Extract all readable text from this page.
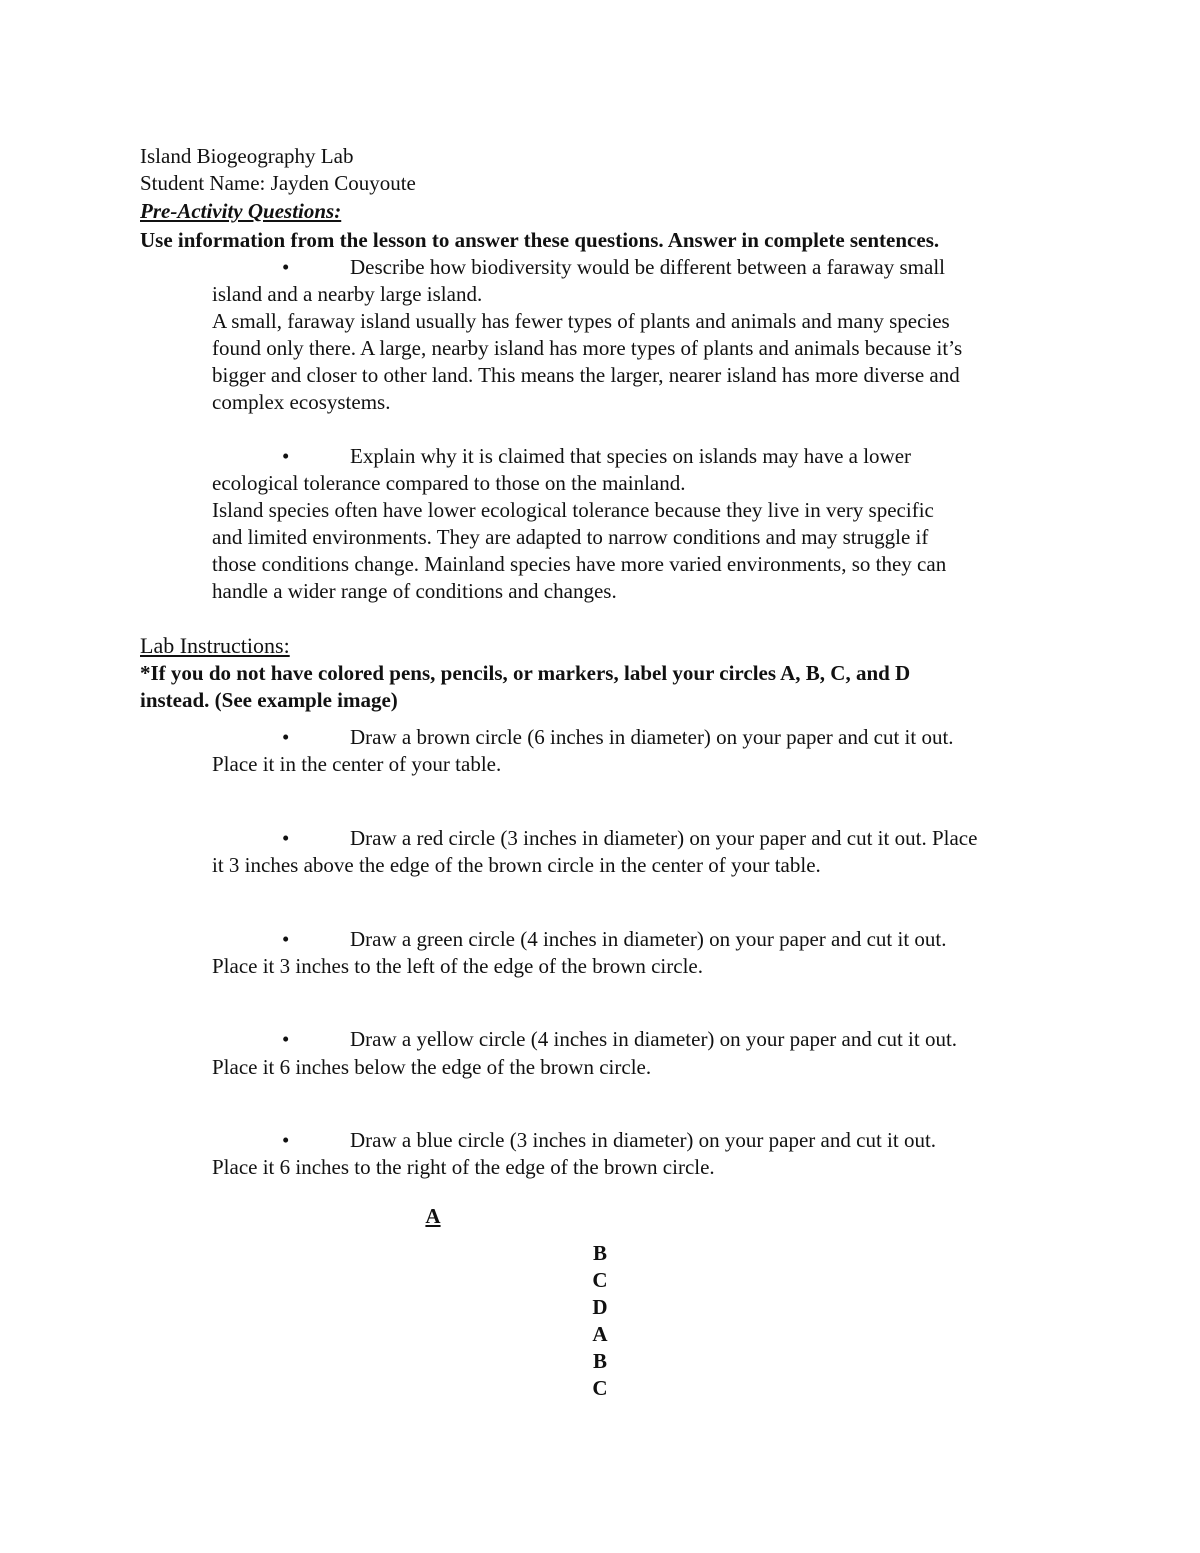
Island Biogeography Lab
Student Name: Jayden Couyoute
Pre-Activity Questions:
Use information from the lesson to answer these questions. Answer in complete sentences.
•	Describe how biodiversity would be different between a faraway small
island and a nearby large island.
A small, faraway island usually has fewer types of plants and animals and many species
found only there. A large, nearby island has more types of plants and animals because it’s
bigger and closer to other land. This means the larger, nearer island has more diverse and
complex ecosystems.
•	Explain why it is claimed that species on islands may have a lower
ecological tolerance compared to those on the mainland.
Island species often have lower ecological tolerance because they live in very specific
and limited environments. They are adapted to narrow conditions and may struggle if
those conditions change. Mainland species have more varied environments, so they can
handle a wider range of conditions and changes.
Lab Instructions:
*If you do not have colored pens, pencils, or markers, label your circles A, B, C, and D
instead. (See example image)
•	Draw a brown circle (6 inches in diameter) on your paper and cut it out.
Place it in the center of your table.
•	Draw a red circle (3 inches in diameter) on your paper and cut it out. Place
it 3 inches above the edge of the brown circle in the center of your table.
•	Draw a green circle (4 inches in diameter) on your paper and cut it out.
Place it 3 inches to the left of the edge of the brown circle.
•	Draw a yellow circle (4 inches in diameter) on your paper and cut it out.
Place it 6 inches below the edge of the brown circle.
•	Draw a blue circle (3 inches in diameter) on your paper and cut it out.
Place it 6 inches to the right of the edge of the brown circle.
A
B
C
D
A
B
C
